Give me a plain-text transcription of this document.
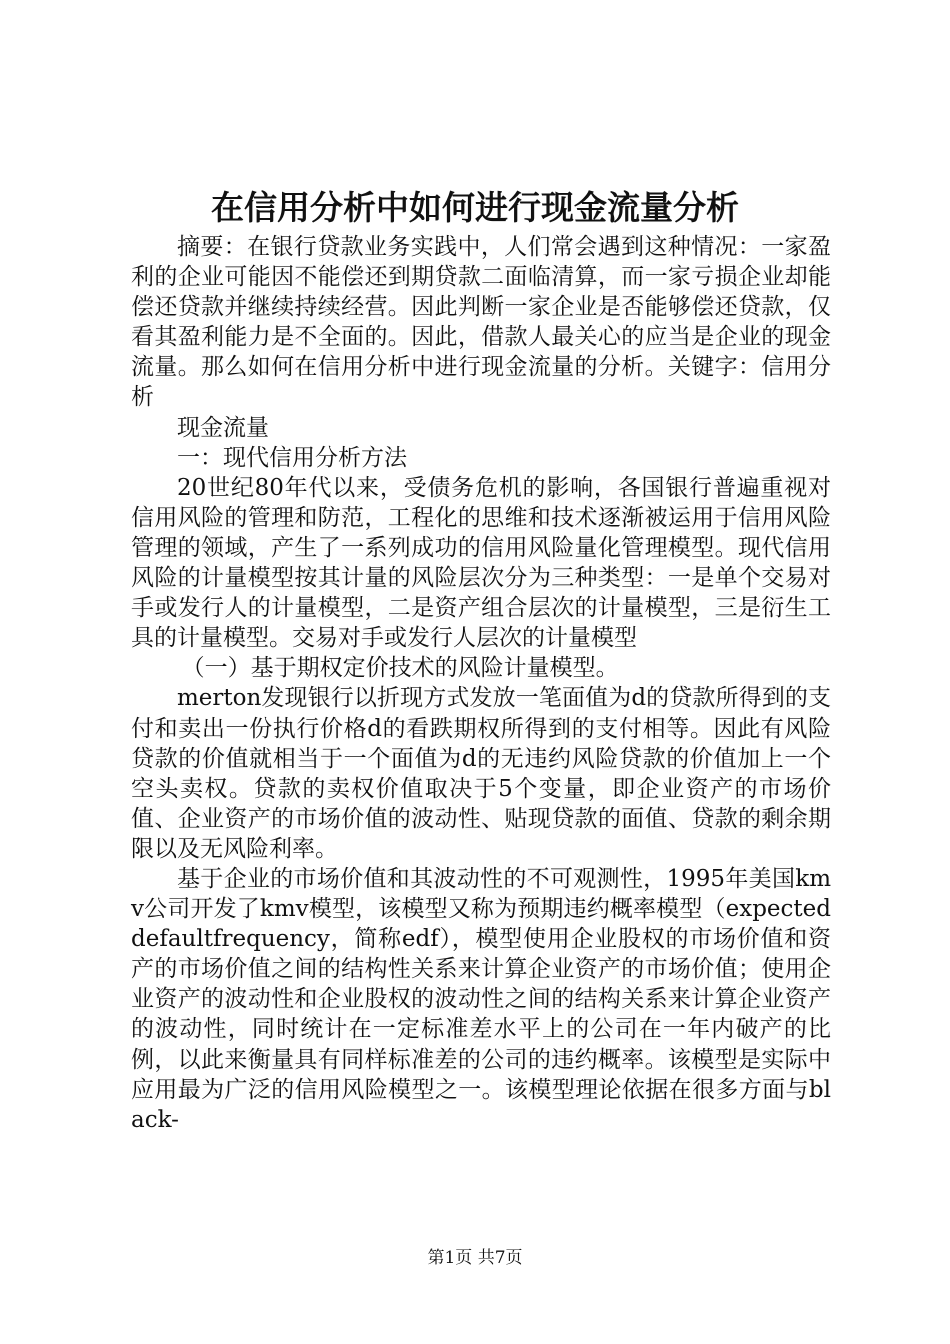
在信用分析中如何进行现金流量分析

摘要：在银行贷款业务实践中，人们常会遇到这种情况：一家盈利的企业可能因不能偿还到期贷款二面临清算，而一家亏损企业却能偿还贷款并继续持续经营。因此判断一家企业是否能够偿还贷款，仅看其盈利能力是不全面的。因此，借款人最关心的应当是企业的现金流量。那么如何在信用分析中进行现金流量的分析。关键字：信用分析

现金流量

一：现代信用分析方法

20世纪80年代以来，受债务危机的影响，各国银行普遍重视对信用风险的管理和防范，工程化的思维和技术逐渐被运用于信用风险管理的领域，产生了一系列成功的信用风险量化管理模型。现代信用风险的计量模型按其计量的风险层次分为三种类型：一是单个交易对手或发行人的计量模型，二是资产组合层次的计量模型，三是衍生工具的计量模型。交易对手或发行人层次的计量模型

（一）基于期权定价技术的风险计量模型。

merton发现银行以折现方式发放一笔面值为d的贷款所得到的支付和卖出一份执行价格d的看跌期权所得到的支付相等。因此有风险贷款的价值就相当于一个面值为d的无违约风险贷款的价值加上一个空头卖权。贷款的卖权价值取决于5个变量，即企业资产的市场价值、企业资产的市场价值的波动性、贴现贷款的面值、贷款的剩余期限以及无风险利率。

基于企业的市场价值和其波动性的不可观测性，1995年美国kmv公司开发了kmv模型，该模型又称为预期违约概率模型（expecteddefaultfrequency，简称edf），模型使用企业股权的市场价值和资产的市场价值之间的结构性关系来计算企业资产的市场价值；使用企业资产的波动性和企业股权的波动性之间的结构关系来计算企业资产的波动性，同时统计在一定标准差水平上的公司在一年内破产的比例，以此来衡量具有同样标准差的公司的违约概率。该模型是实际中应用最为广泛的信用风险模型之一。该模型理论依据在很多方面与black-

第1页 共7页
